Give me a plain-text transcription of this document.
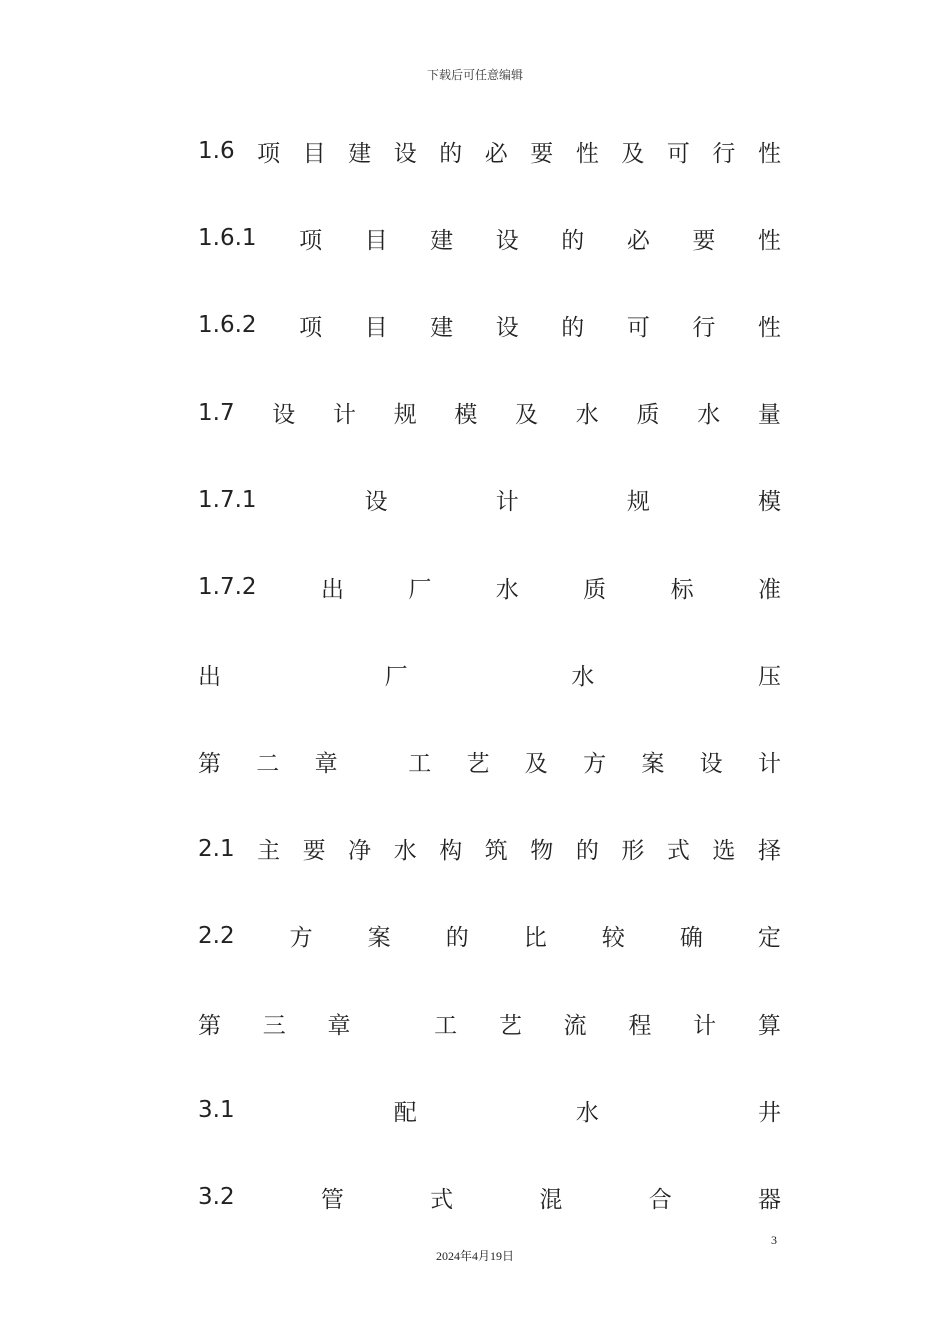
下载后可任意编辑
1.6 项 目 建 设 的 必 要 性 及 可 行 性
1.6.1 项 目 建 设 的 必 要 性
1.6.2 项 目 建 设 的 可 行 性
1.7 设 计 规 模 及 水 质 水 量
1.7.1	设	计	规	模
1.7.2	出	厂	水	质	标	准
出	厂	水	压
第 二 章	工 艺 及 方 案 设 计
2.1 主 要 净 水 构 筑 物 的 形 式 选 择
2.2 方 案 的 比 较 确 定
第 三 章	工 艺 流 程 计 算
3.1	配	水	井
3.2	管	式	混	合	器
3
2024年4月19日
